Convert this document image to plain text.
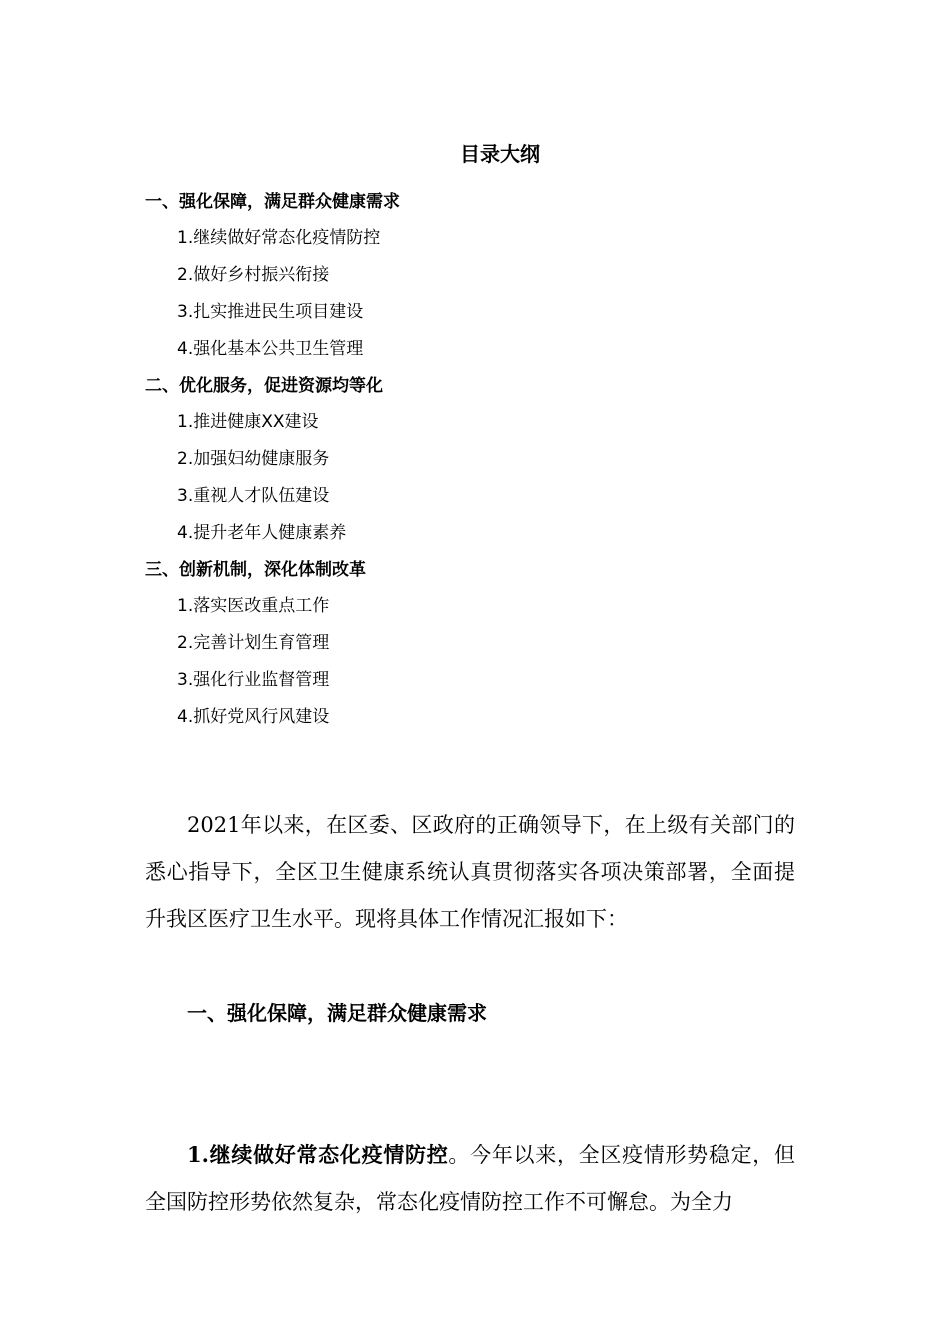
目录大纲
一、强化保障，满足群众健康需求
1.继续做好常态化疫情防控
2.做好乡村振兴衔接
3.扎实推进民生项目建设
4.强化基本公共卫生管理
二、优化服务，促进资源均等化
1.推进健康XX建设
2.加强妇幼健康服务
3.重视人才队伍建设
4.提升老年人健康素养
三、创新机制，深化体制改革
1.落实医改重点工作
2.完善计划生育管理
3.强化行业监督管理
4.抓好党风行风建设

2021年以来，在区委、区政府的正确领导下，在上级有关部门的悉心指导下，全区卫生健康系统认真贯彻落实各项决策部署，全面提升我区医疗卫生水平。现将具体工作情况汇报如下：

一、强化保障，满足群众健康需求

1.继续做好常态化疫情防控。今年以来，全区疫情形势稳定，但全国防控形势依然复杂，常态化疫情防控工作不可懈怠。为全力
